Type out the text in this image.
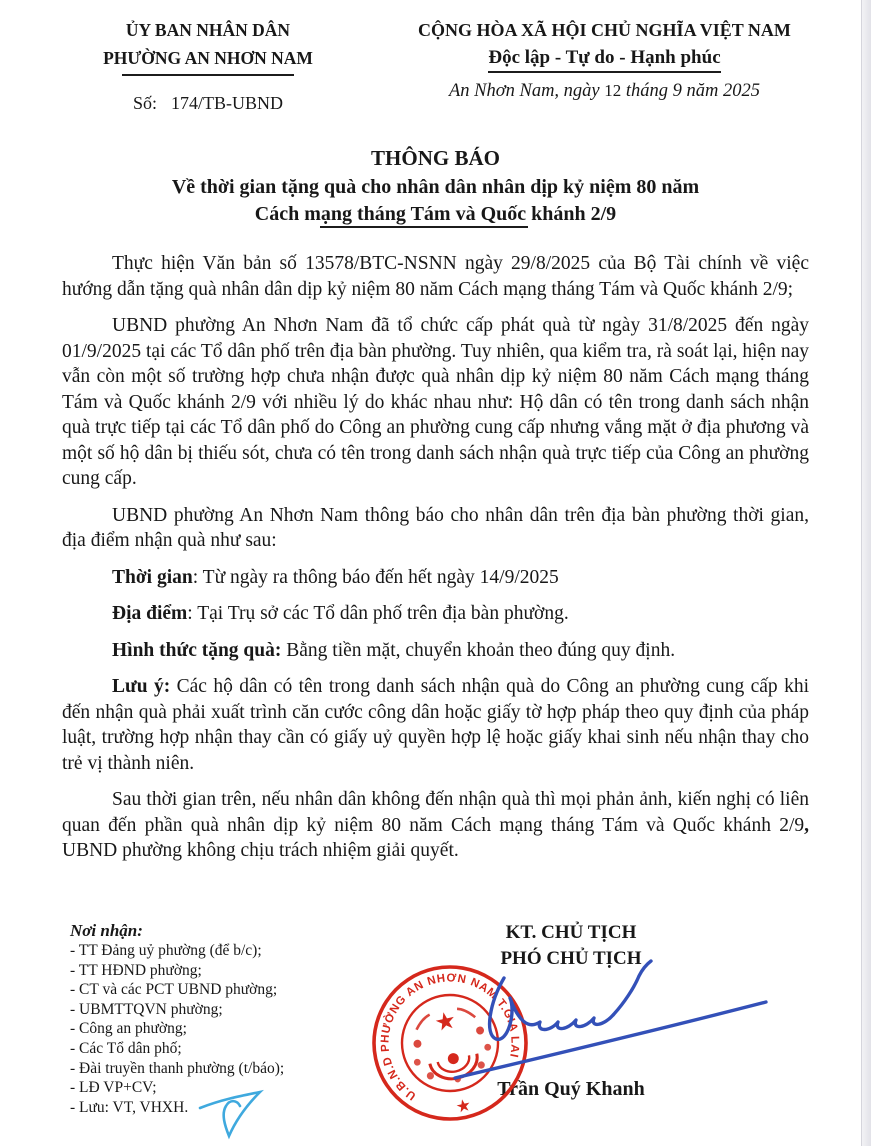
ỦY BAN NHÂN DÂN
PHƯỜNG AN NHƠN NAM
Số: 174/TB-UBND
CỘNG HÒA XÃ HỘI CHỦ NGHĨA VIỆT NAM
Độc lập - Tự do - Hạnh phúc
An Nhơn Nam, ngày 12 tháng 9 năm 2025
THÔNG BÁO
Về thời gian tặng quà cho nhân dân nhân dịp kỷ niệm 80 năm
Cách mạng tháng Tám và Quốc khánh 2/9

Thực hiện Văn bản số 13578/BTC-NSNN ngày 29/8/2025 của Bộ Tài chính về việc hướng dẫn tặng quà nhân dân dịp kỷ niệm 80 năm Cách mạng tháng Tám và Quốc khánh 2/9;

UBND phường An Nhơn Nam đã tổ chức cấp phát quà từ ngày 31/8/2025 đến ngày 01/9/2025 tại các Tổ dân phố trên địa bàn phường. Tuy nhiên, qua kiểm tra, rà soát lại, hiện nay vẫn còn một số trường hợp chưa nhận được quà nhân dịp kỷ niệm 80 năm Cách mạng tháng Tám và Quốc khánh 2/9 với nhiều lý do khác nhau như: Hộ dân có tên trong danh sách nhận quà trực tiếp tại các Tổ dân phố do Công an phường cung cấp nhưng vắng mặt ở địa phương và một số hộ dân bị thiếu sót, chưa có tên trong danh sách nhận quà trực tiếp của Công an phường cung cấp.

UBND phường An Nhơn Nam thông báo cho nhân dân trên địa bàn phường thời gian, địa điểm nhận quà như sau:

Thời gian: Từ ngày ra thông báo đến hết ngày 14/9/2025

Địa điểm: Tại Trụ sở các Tổ dân phố trên địa bàn phường.

Hình thức tặng quà: Bằng tiền mặt, chuyển khoản theo đúng quy định.

Lưu ý: Các hộ dân có tên trong danh sách nhận quà do Công an phường cung cấp khi đến nhận quà phải xuất trình căn cước công dân hoặc giấy tờ hợp pháp theo quy định của pháp luật, trường hợp nhận thay cần có giấy uỷ quyền hợp lệ hoặc giấy khai sinh nếu nhận thay cho trẻ vị thành niên.

Sau thời gian trên, nếu nhân dân không đến nhận quà thì mọi phản ảnh, kiến nghị có liên quan đến phần quà nhân dịp kỷ niệm 80 năm Cách mạng tháng Tám và Quốc khánh 2/9, UBND phường không chịu trách nhiệm giải quyết.

Nơi nhận:
- TT Đảng uỷ phường (để b/c);
- TT HĐND phường;
- CT và các PCT UBND phường;
- UBMTTQVN phường;
- Công an phường;
- Các Tổ dân phố;
- Đài truyền thanh phường (t/báo);
- LĐ VP+CV;
- Lưu: VT, VHXH.
KT. CHỦ TỊCH
PHÓ CHỦ TỊCH
Trần Quý Khanh
U.B.N.D PHƯỜNG AN NHƠN NAM T.GIA LAI
★
★
